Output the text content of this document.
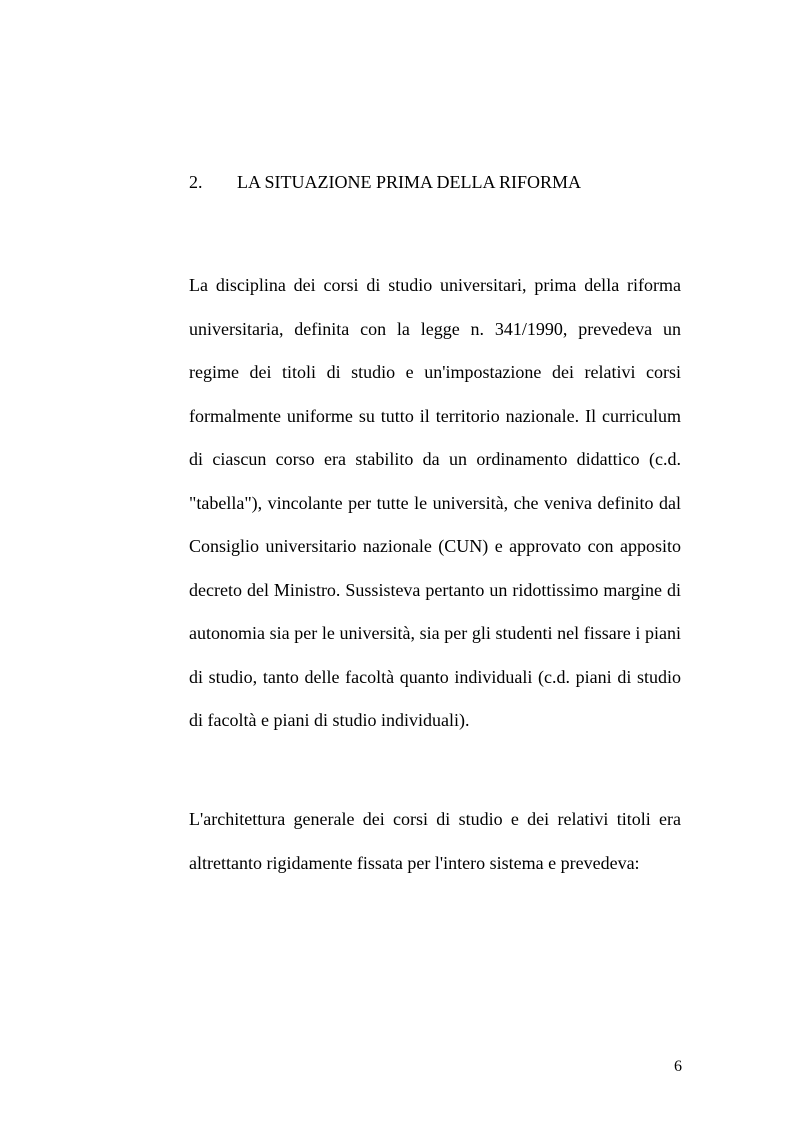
2. LA SITUAZIONE PRIMA DELLA RIFORMA

La disciplina dei corsi di studio universitari, prima della riforma universitaria, definita con la legge n. 341/1990, prevedeva un regime dei titoli di studio e un'impostazione dei relativi corsi formalmente uniforme su tutto il territorio nazionale. Il curriculum di ciascun corso era stabilito da un ordinamento didattico (c.d. "tabella"), vincolante per tutte le università, che veniva definito dal Consiglio universitario nazionale (CUN) e approvato con apposito decreto del Ministro. Sussisteva pertanto un ridottissimo margine di autonomia sia per le università, sia per gli studenti nel fissare i piani di studio, tanto delle facoltà quanto individuali (c.d. piani di studio di facoltà e piani di studio individuali).

L'architettura generale dei corsi di studio e dei relativi titoli era altrettanto rigidamente fissata per l'intero sistema e prevedeva:

6
